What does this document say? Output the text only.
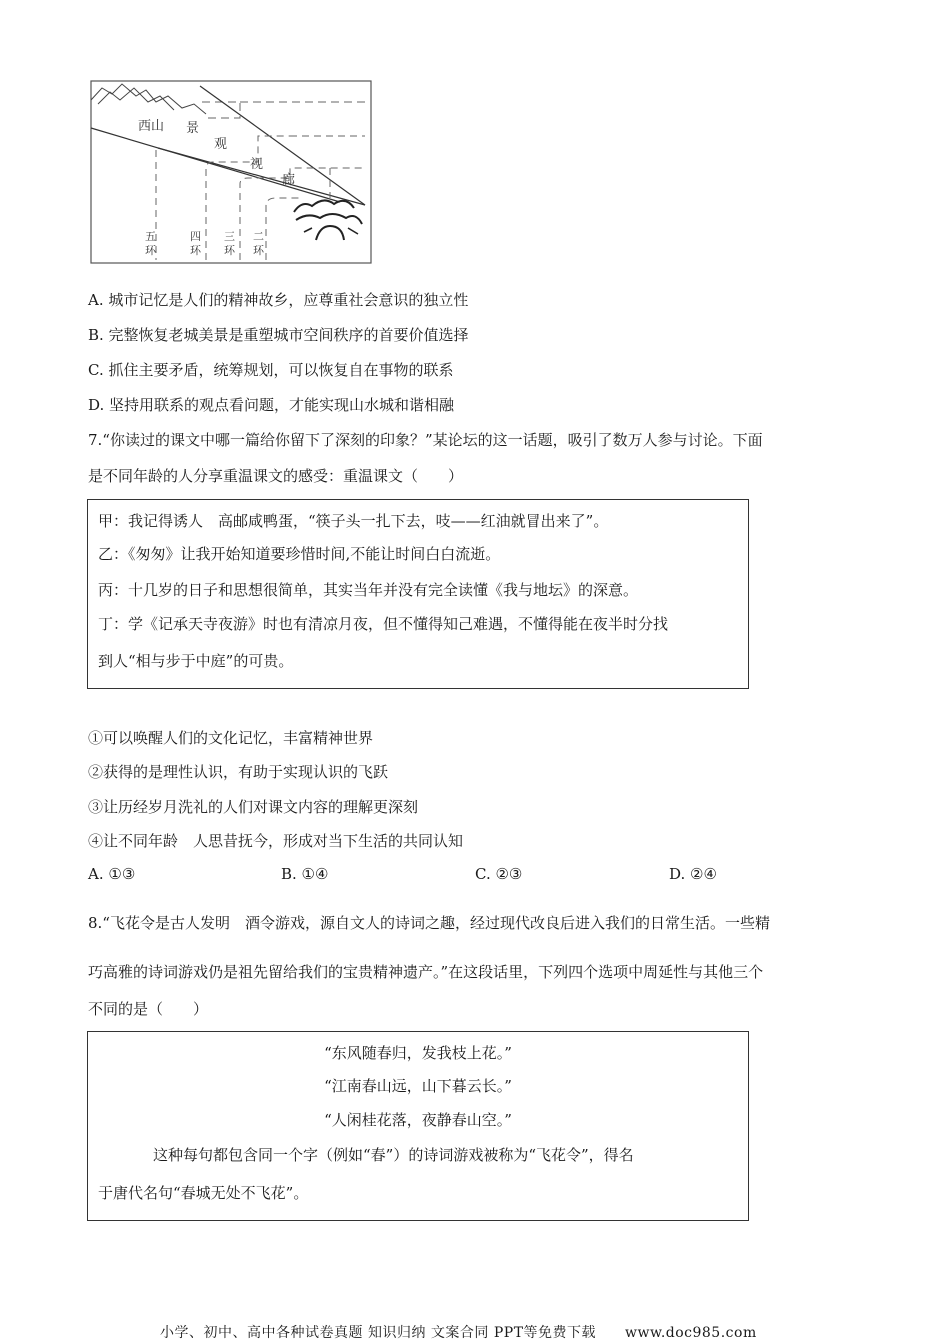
西山 景
观
视
廊
五
环
四
环
三
环
二
环
A. 城市记忆是人们的精神故乡，应尊重社会意识的独立性
B. 完整恢复老城美景是重塑城市空间秩序的首要价值选择
C. 抓住主要矛盾，统筹规划，可以恢复自在事物的联系
D. 坚持用联系的观点看问题，才能实现山水城和谐相融
7.“你读过的课文中哪一篇给你留下了深刻的印象？”某论坛的这一话题，吸引了数万人参与讨论。下面
是不同年龄的人分享重温课文的感受：重温课文（　　）
甲：我记得诱人　高邮咸鸭蛋，“筷子头一扎下去，吱——红油就冒出来了”。
乙：《匆匆》让我开始知道要珍惜时间,不能让时间白白流逝。
丙：十几岁的日子和思想很简单，其实当年并没有完全读懂《我与地坛》的深意。
丁：学《记承天寺夜游》时也有清凉月夜，但不懂得知己难遇，不懂得能在夜半时分找
到人“相与步于中庭”的可贵。
①可以唤醒人们的文化记忆，丰富精神世界
②获得的是理性认识，有助于实现认识的飞跃
③让历经岁月洗礼的人们对课文内容的理解更深刻
④让不同年龄　人思昔抚今，形成对当下生活的共同认知
A. ①③	B. ①④	C. ②③	D. ②④
8.“飞花令是古人发明　酒令游戏，源自文人的诗词之趣，经过现代改良后进入我们的日常生活。一些精
巧高雅的诗词游戏仍是祖先留给我们的宝贵精神遗产。”在这段话里，下列四个选项中周延性与其他三个
不同的是（　　）
“东风随春归，发我枝上花。”
“江南春山远，山下暮云长。”
“人闲桂花落，夜静春山空。”
这种每句都包含同一个字（例如“春”）的诗词游戏被称为“飞花令”，得名
于唐代名句“春城无处不飞花”。
小学、初中、高中各种试卷真题 知识归纳 文案合同 PPT等免费下载　　www.doc985.com
